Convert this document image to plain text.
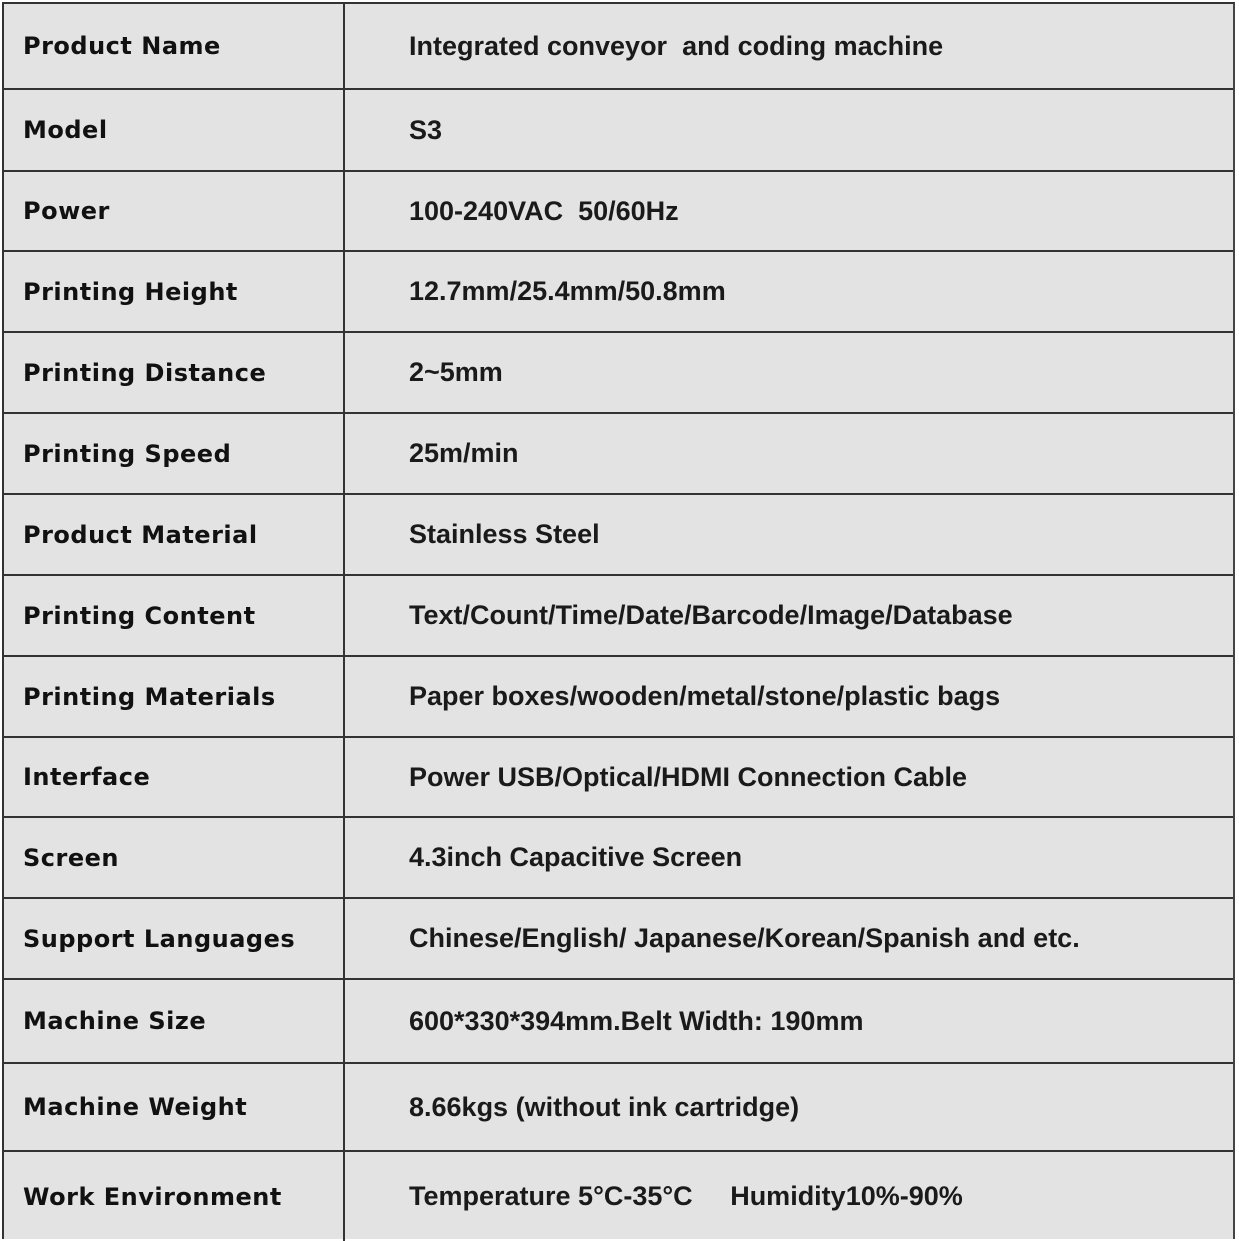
Product Name	Integrated conveyor  and coding machine
Model	S3
Power	100-240VAC  50/60Hz
Printing Height	12.7mm/25.4mm/50.8mm
Printing Distance	2~5mm
Printing Speed	25m/min
Product Material	Stainless Steel
Printing Content	Text/Count/Time/Date/Barcode/Image/Database
Printing Materials	Paper boxes/wooden/metal/stone/plastic bags
Interface	Power USB/Optical/HDMI Connection Cable
Screen	4.3inch Capacitive Screen
Support Languages	Chinese/English/ Japanese/Korean/Spanish and etc.
Machine Size	600*330*394mm.Belt Width: 190mm
Machine Weight	8.66kgs (without ink cartridge)
Work Environment	Temperature 5°C-35°C     Humidity10%-90%
